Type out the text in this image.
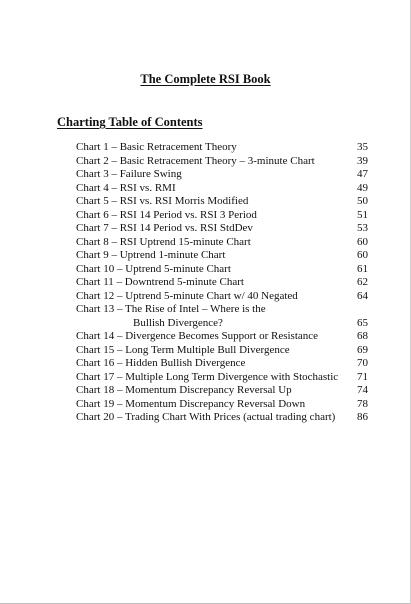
The Complete RSI Book
Charting Table of Contents
Chart 1 – Basic Retracement Theory	35
Chart 2 – Basic Retracement Theory – 3-minute Chart	39
Chart 3 – Failure Swing	47
Chart 4 – RSI vs. RMI	49
Chart 5 – RSI vs. RSI Morris Modified	50
Chart 6 – RSI 14 Period vs. RSI 3 Period	51
Chart 7 – RSI 14 Period vs. RSI StdDev	53
Chart 8 – RSI Uptrend 15-minute Chart	60
Chart 9 – Uptrend 1-minute Chart	60
Chart 10 – Uptrend 5-minute Chart	61
Chart 11 – Downtrend 5-minute Chart	62
Chart 12 – Uptrend 5-minute Chart w/ 40 Negated	64
Chart 13 – The Rise of Intel – Where is the
Bullish Divergence?	65
Chart 14 – Divergence Becomes Support or Resistance	68
Chart 15 – Long Term Multiple Bull Divergence	69
Chart 16 – Hidden Bullish Divergence	70
Chart 17 – Multiple Long Term Divergence with Stochastic 71
Chart 18 – Momentum Discrepancy Reversal Up	74
Chart 19 – Momentum Discrepancy Reversal Down	78
Chart 20 – Trading Chart With Prices (actual trading chart) 86
